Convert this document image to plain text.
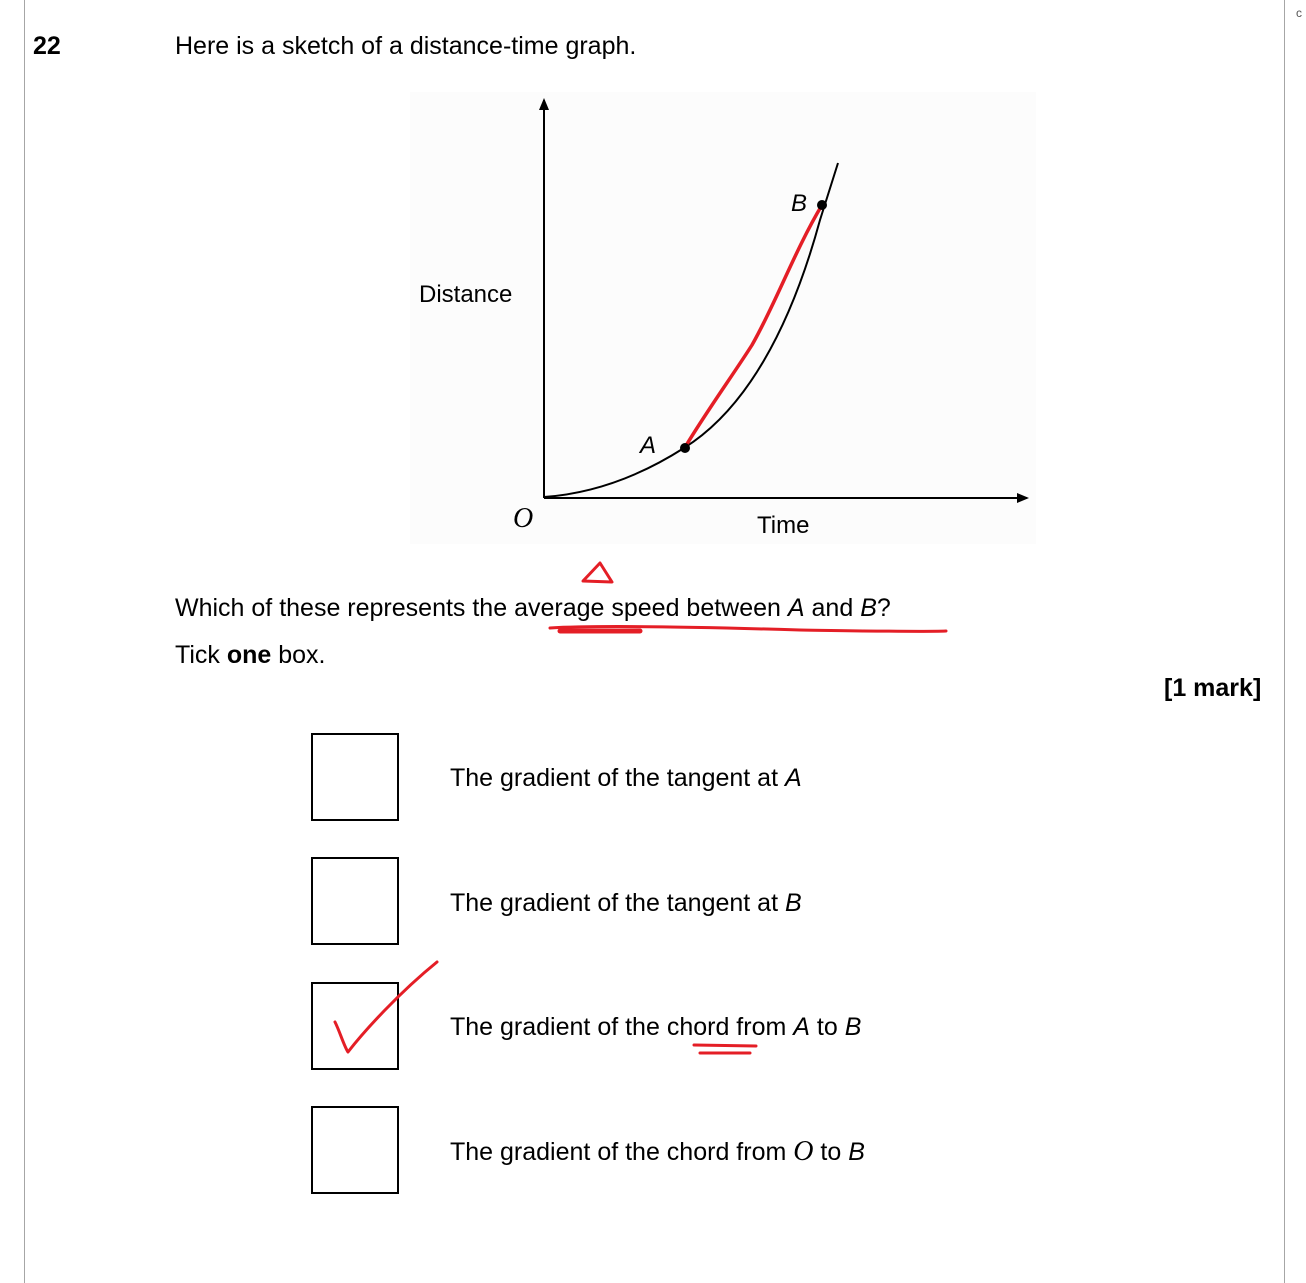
c
22	Here is a sketch of a distance-time graph.
Distance
Time
O
A
B
Which of these represents the average speed between A and B?
Tick one box.
[1 mark]
The gradient of the tangent at A
The gradient of the tangent at B
The gradient of the chord from A to B
The gradient of the chord from O to B
